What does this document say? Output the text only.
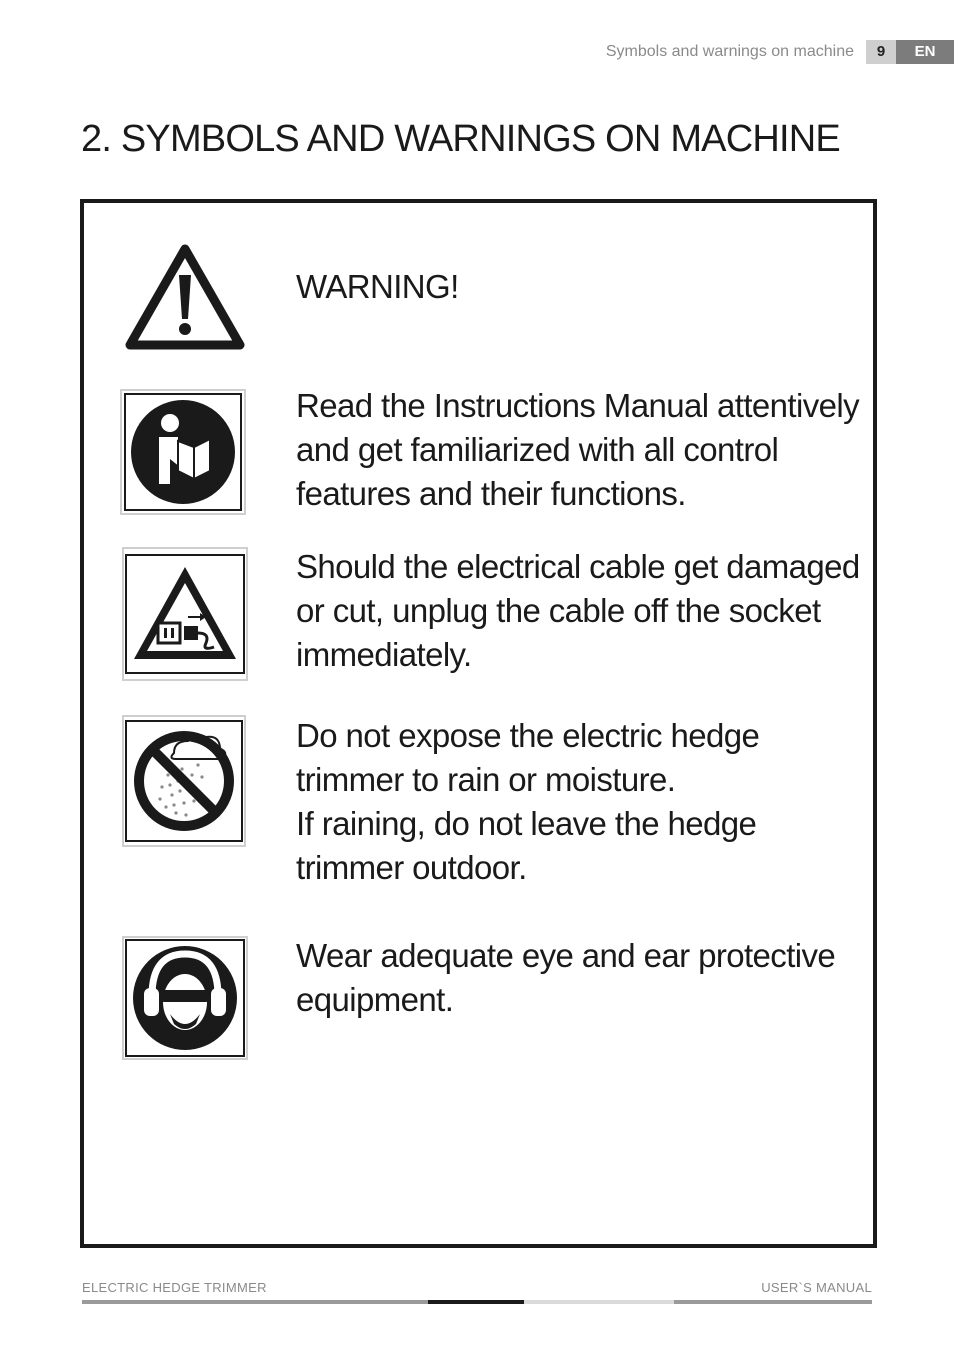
Symbols and warnings on machine	9	EN
2. SYMBOLS AND WARNINGS ON MACHINE
WARNING!
Read the Instructions Manual attentively
and get familiarized with all control
features and their functions.
Should the electrical cable get damaged
or cut, unplug the cable off the socket
immediately.
Do not expose the electric hedge
trimmer to rain or moisture.
If raining, do not leave the hedge
trimmer outdoor.
Wear adequate eye and ear protective
equipment.
ELECTRIC HEDGE TRIMMER	USER`S MANUAL
